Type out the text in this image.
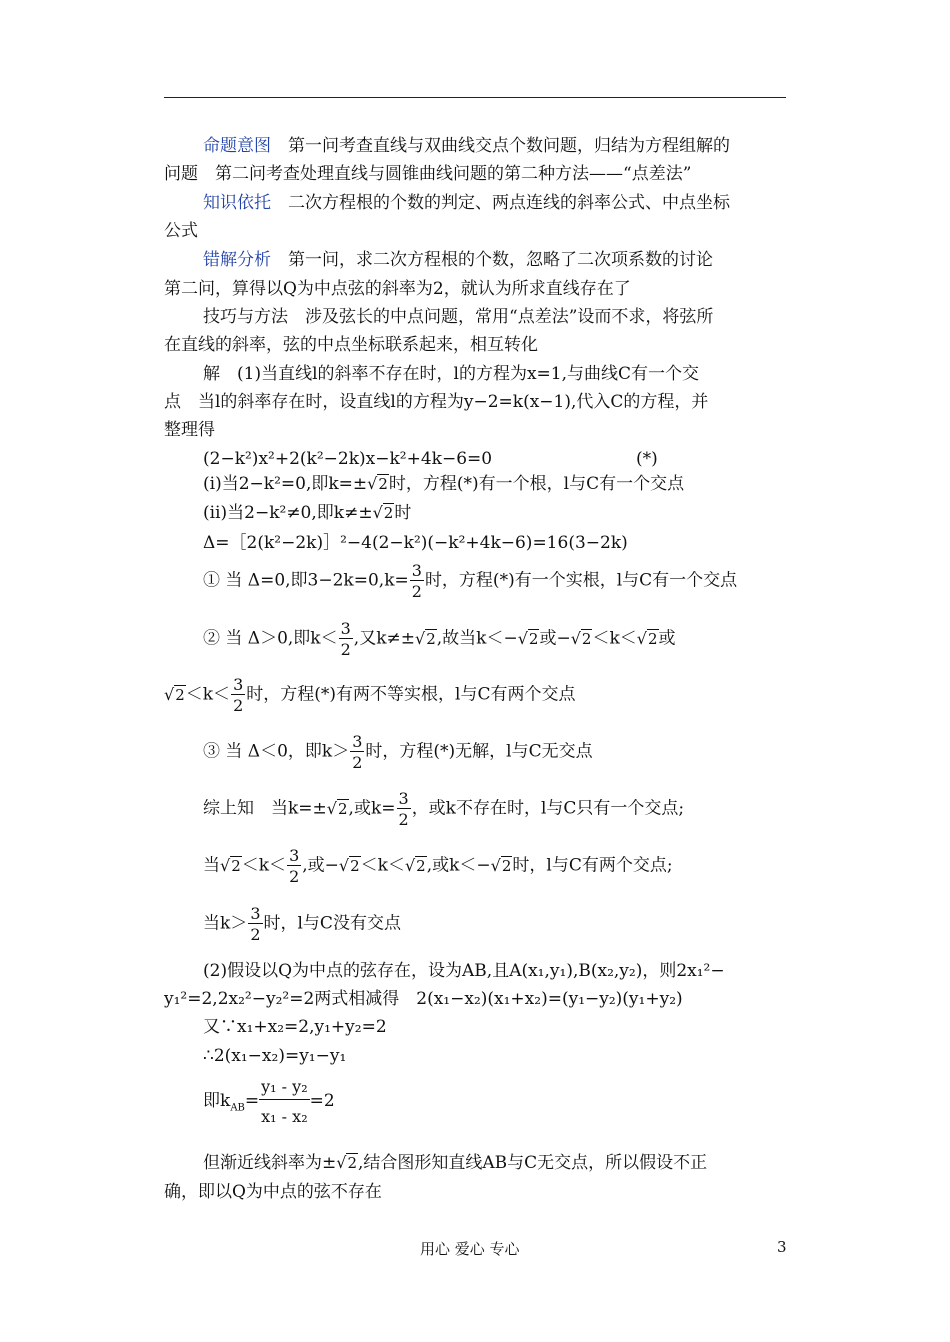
命题意图　 第一问考查直线与双曲线交点个数问题，归结为方程组解的
问题　第二问考查处理直线与圆锥曲线问题的第二种方法——“点差法”
知识依托　 二次方程根的个数的判定、两点连线的斜率公式、中点坐标
公式
错解分析　 第一问，求二次方程根的个数，忽略了二次项系数的讨论
第二问，算得以Q为中点弦的斜率为2，就认为所求直线存在了
技巧与方法　 涉及弦长的中点问题，常用“点差法”设而不求，将弦所
在直线的斜率，弦的中点坐标联系起来，相互转化
解　 (1)当直线l的斜率不存在时，l的方程为x=1,与曲线C有一个交
点　当l的斜率存在时，设直线l的方程为y−2=k(x−1),代入C的方程，并
整理得
(2−k²)x²+2(k²−2k)x−k²+4k−6=0	(*)
(ⅰ)当2−k²=0,即k=±√2时，方程(*)有一个根，l与C有一个交点
(ⅱ)当2−k²≠0,即k≠±√2时
Δ=［2(k²−2k)］²−4(2−k²)(−k²+4k−6)=16(3−2k)
① 当 Δ=0,即$3-2k=0,k= \frac{3}{2}$ 时，方程(*)有一个实根，l与C有一个交点
② 当 Δ＞0,即$k< \frac{3}{2}$ ,又k≠±√2,故当k＜−√2或−√2＜k＜√2或
$√2<k< \frac{3}{2}$ 时，方程(*)有两不等实根，l与C有两个交点
③ 当 Δ＜0，即$k> \frac{3}{2}$ 时，方程(*)无解，l与C无交点
综上知　当k=±√2,或$k= \frac{3}{2}$ ，或k不存在时，l与C只有一个交点;
当$√2<k< \frac{3}{2}$ ,或−√2＜k＜√2,或k＜−√2时，l与C有两个交点;
当$k> \frac{3}{2}$ 时，l与C没有交点
(2)假设以Q为中点的弦存在，设为AB,且A(x₁,y₁),B(x₂,y₂)，则2x₁²−
y₁²=2,2x₂²−y₂²=2两式相减得　2(x₁−x₂)(x₁+x₂)=(y₁−y₂)(y₁+y₂)
又∵x₁+x₂=2,y₁+y₂=2
∴2(x₁−x₂)=y₁−y₁
即$k_{AB}= \frac{\text{y₁ - y₂}}{\text{x₁ - x₂}} =2$
但渐近线斜率为±√2,结合图形知直线AB与C无交点，所以假设不正
确，即以Q为中点的弦不存在
用心 爱心 专心	3
